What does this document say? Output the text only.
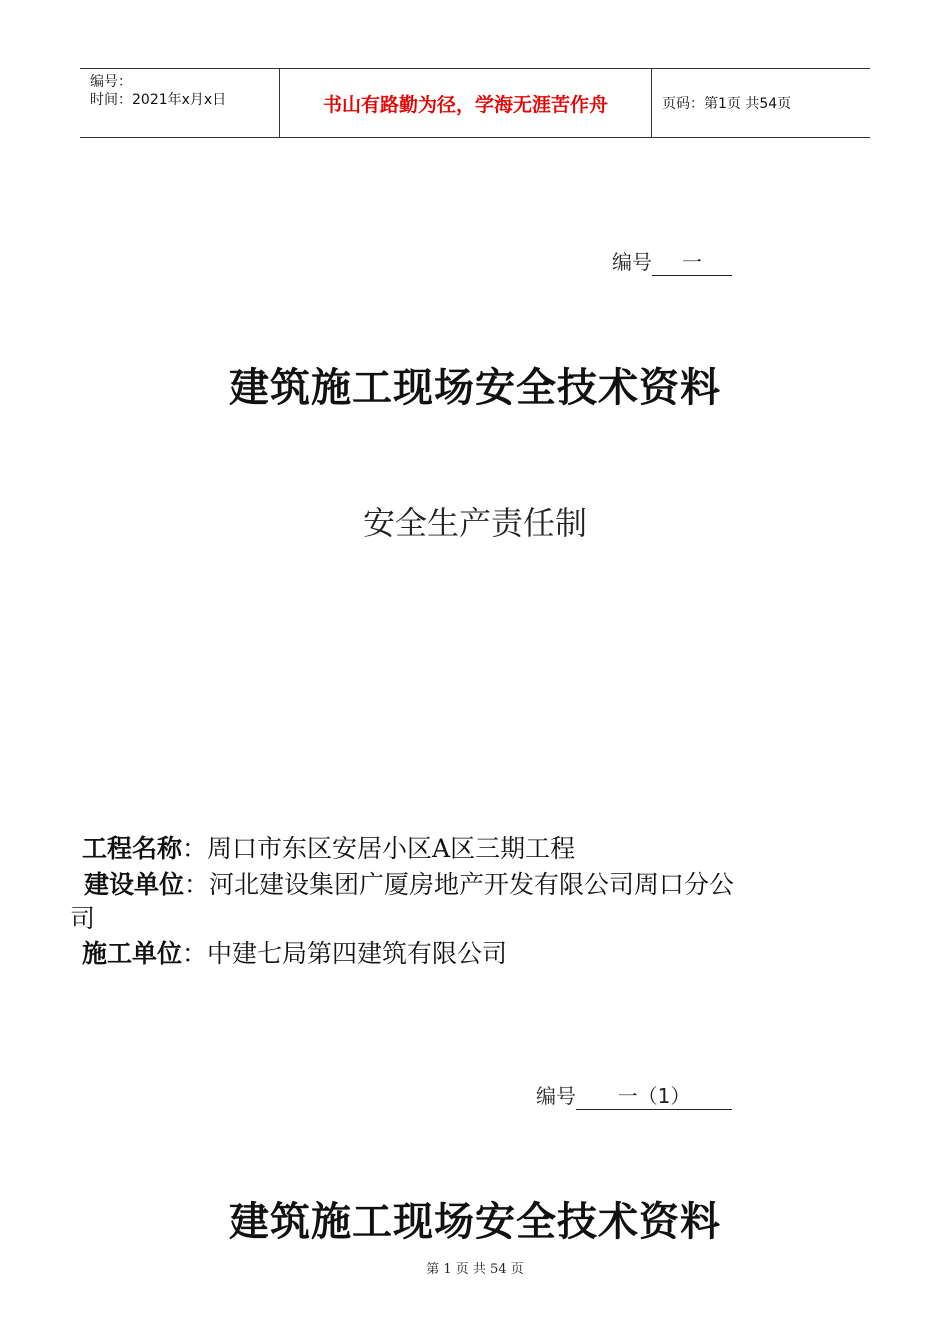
编号：
时间：2021年x月x日	书山有路勤为径，学海无涯苦作舟	页码：第1页 共54页
编号 一
建筑施工现场安全技术资料
安全生产责任制
工程名称：周口市东区安居小区A区三期工程
建设单位：河北建设集团广厦房地产开发有限公司周口分公
司
施工单位：中建七局第四建筑有限公司
编号 一（1）
建筑施工现场安全技术资料
第 1 页 共 54 页
